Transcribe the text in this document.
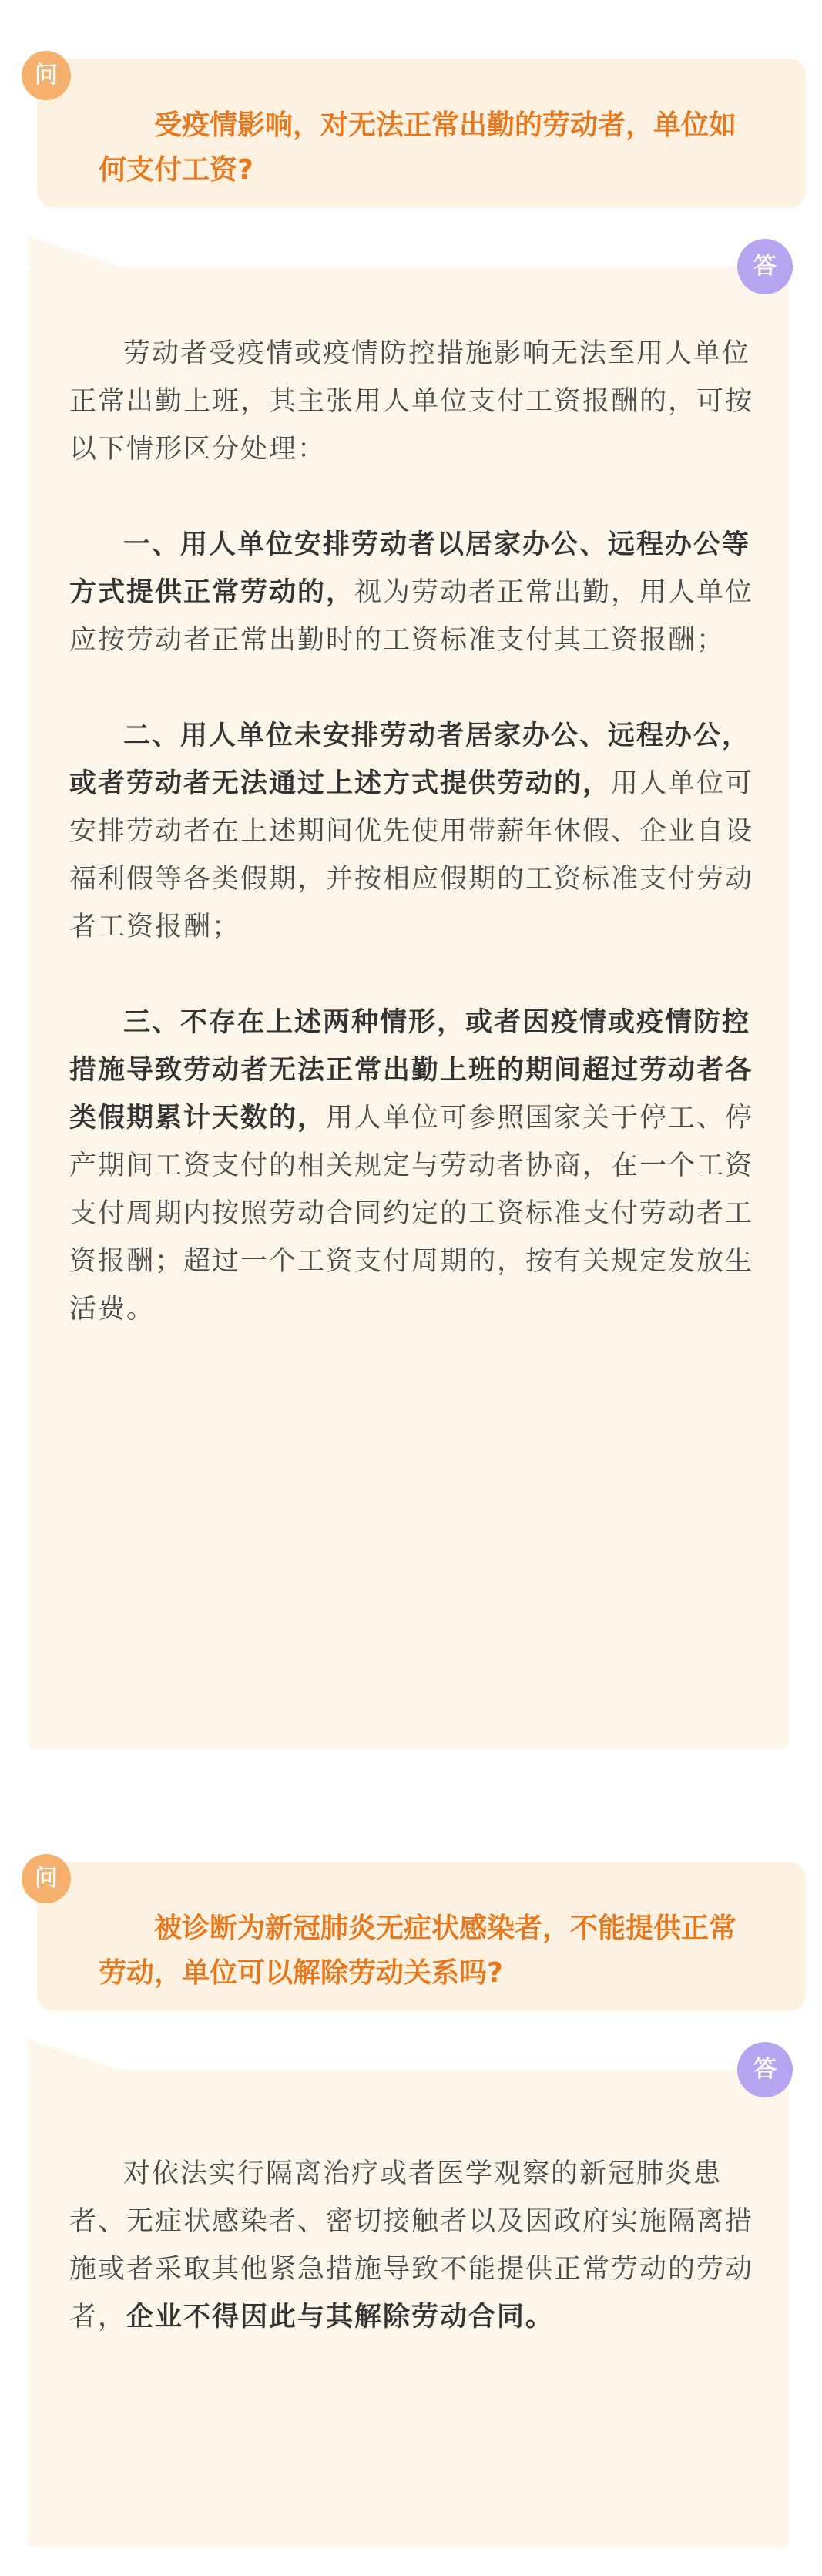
受疫情影响，对无法正常出勤的劳动者，单位如何支付工资?
问
答

劳动者受疫情或疫情防控措施影响无法至用人单位正常出勤上班，其主张用人单位支付工资报酬的，可按以下情形区分处理：

一、用人单位安排劳动者以居家办公、远程办公等方式提供正常劳动的，视为劳动者正常出勤，用人单位应按劳动者正常出勤时的工资标准支付其工资报酬；

二、用人单位未安排劳动者居家办公、远程办公，或者劳动者无法通过上述方式提供劳动的，用人单位可安排劳动者在上述期间优先使用带薪年休假、企业自设福利假等各类假期，并按相应假期的工资标准支付劳动者工资报酬；

三、不存在上述两种情形，或者因疫情或疫情防控措施导致劳动者无法正常出勤上班的期间超过劳动者各类假期累计天数的，用人单位可参照国家关于停工、停产期间工资支付的相关规定与劳动者协商，在一个工资支付周期内按照劳动合同约定的工资标准支付劳动者工资报酬；超过一个工资支付周期的，按有关规定发放生活费。

被诊断为新冠肺炎无症状感染者，不能提供正常劳动，单位可以解除劳动关系吗?
问
答

对依法实行隔离治疗或者医学观察的新冠肺炎患者、无症状感染者、密切接触者以及因政府实施隔离措施或者采取其他紧急措施导致不能提供正常劳动的劳动者，企业不得因此与其解除劳动合同。
